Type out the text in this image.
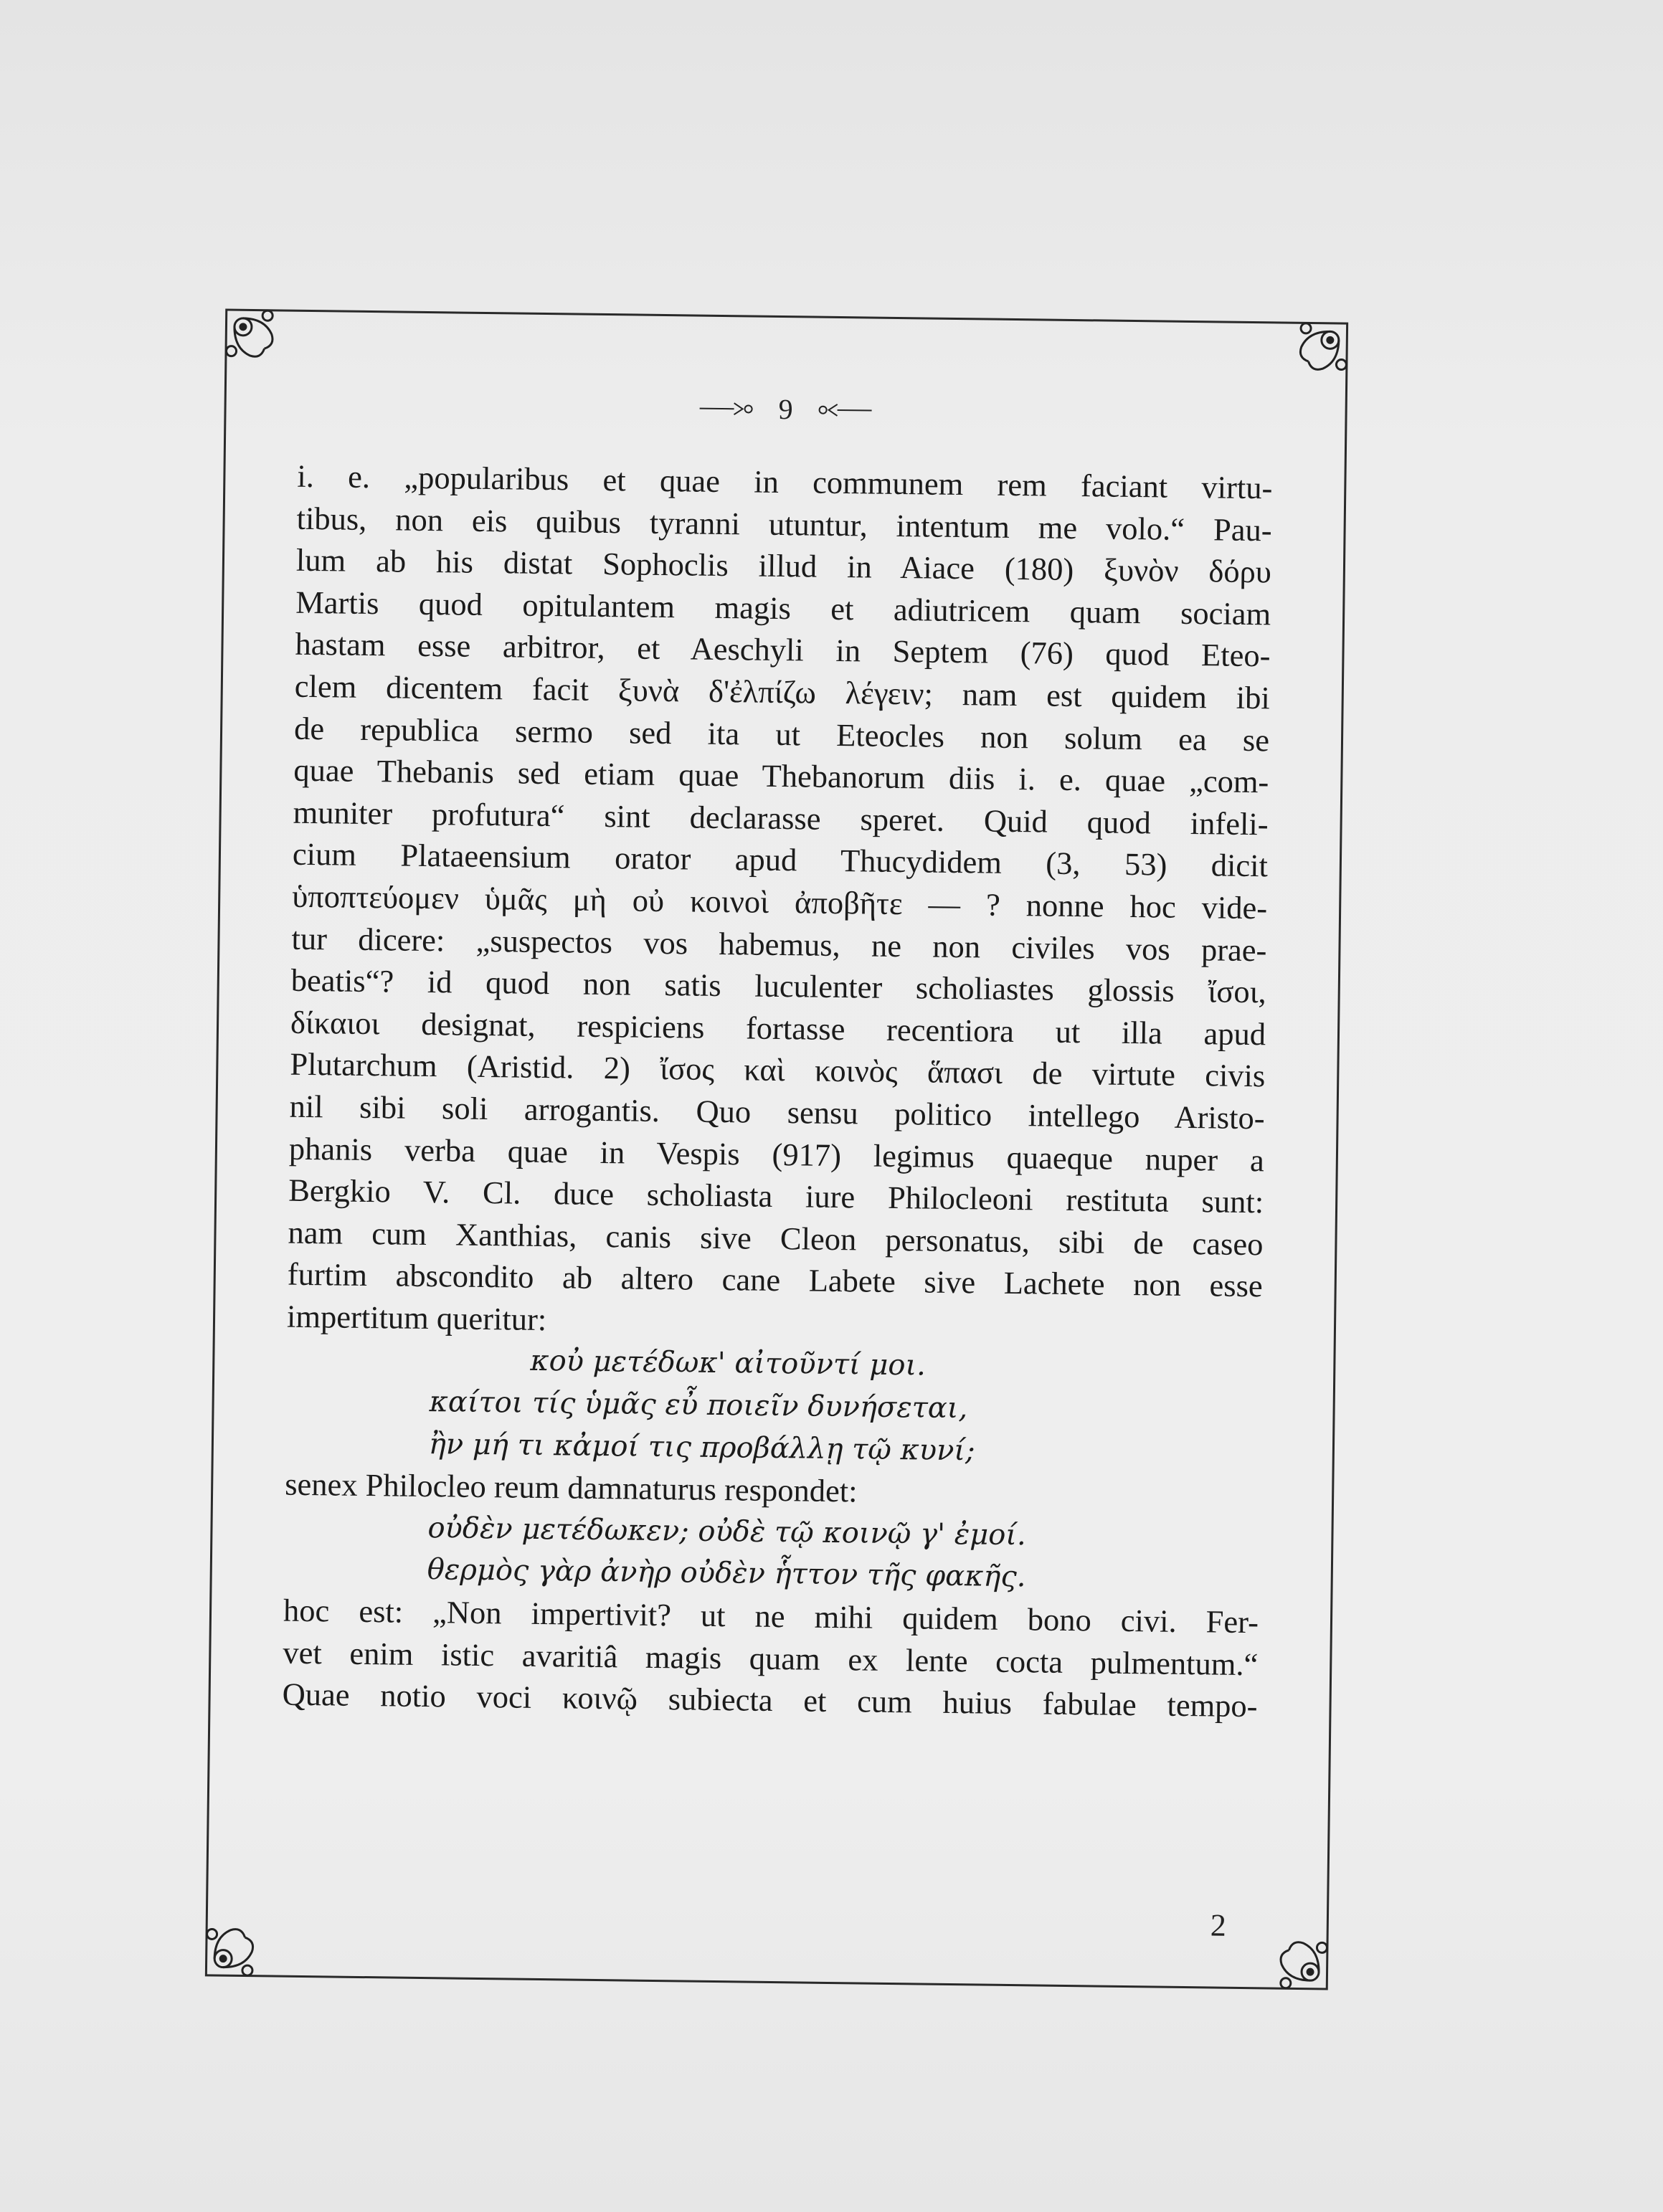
9
i. e. „popularibus et quae in communem rem faciant virtu-
tibus, non eis quibus tyranni utuntur, intentum me volo.“ Pau-
lum ab his distat Sophoclis illud in Aiace (180) ξυνὸν δόρυ
Martis quod opitulantem magis et adiutricem quam sociam
hastam esse arbitror, et Aeschyli in Septem (76) quod Eteo-
clem dicentem facit ξυνὰ δ'ἐλπίζω λέγειν; nam est quidem ibi
de republica sermo sed ita ut Eteocles non solum ea se
quae Thebanis sed etiam quae Thebanorum diis i. e. quae „com-
muniter profutura“ sint declarasse speret. Quid quod infeli-
cium Plataeensium orator apud Thucydidem (3, 53) dicit
ὑποπτεύομεν ὑμᾶς μὴ οὐ κοινοὶ ἀποβῆτε — ? nonne hoc vide-
tur dicere: „suspectos vos habemus, ne non civiles vos prae-
beatis“? id quod non satis luculenter scholiastes glossis ἴσοι,
δίκαιοι designat, respiciens fortasse recentiora ut illa apud
Plutarchum (Aristid. 2) ἴσος καὶ κοινὸς ἅπασι de virtute civis
nil sibi soli arrogantis. Quo sensu politico intellego Aristo-
phanis verba quae in Vespis (917) legimus quaeque nuper a
Bergkio V. Cl. duce scholiasta iure Philocleoni restituta sunt:
nam cum Xanthias, canis sive Cleon personatus, sibi de caseo
furtim abscondito ab altero cane Labete sive Lachete non esse
impertitum queritur:
κοὐ μετέδωκ' αἰτοῦντί μοι.
καίτοι τίς ὑμᾶς εὖ ποιεῖν δυνήσεται,
ἢν μή τι κἀμοί τις προβάλλῃ τῷ κυνί;
senex Philocleo reum damnaturus respondet:
οὐδὲν μετέδωκεν; οὐδὲ τῷ κοινῷ γ' ἐμοί.
θερμὸς γὰρ ἀνὴρ οὐδὲν ἧττον τῆς φακῆς.
hoc est: „Non impertivit? ut ne mihi quidem bono civi. Fer-
vet enim istic avaritiâ magis quam ex lente cocta pulmentum.“
Quae notio voci κοινῷ subiecta et cum huius fabulae tempo-
2
